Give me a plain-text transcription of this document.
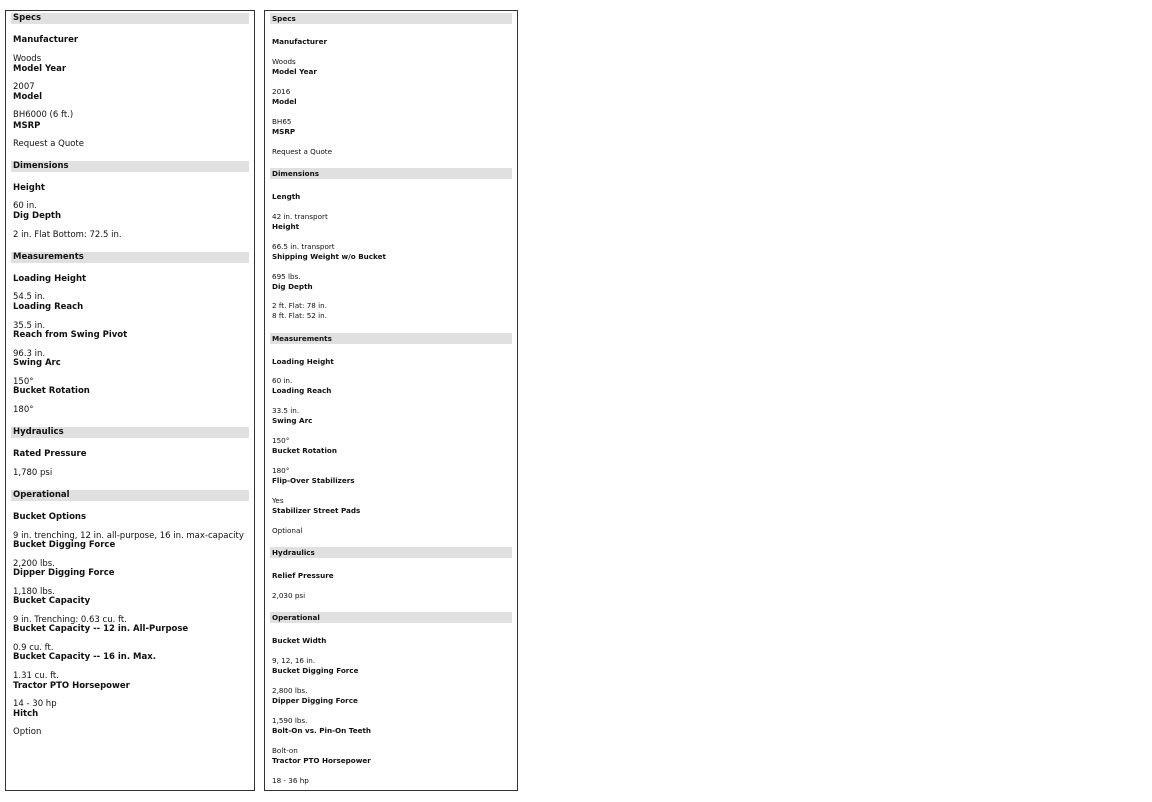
Specs
Manufacturer
Woods
Model Year
2007
Model
BH6000 (6 ft.)
MSRP
Request a Quote
Dimensions
Height
60 in.
Dig Depth
2 in. Flat Bottom: 72.5 in.
Measurements
Loading Height
54.5 in.
Loading Reach
35.5 in.
Reach from Swing Pivot
96.3 in.
Swing Arc
150°
Bucket Rotation
180°
Hydraulics
Rated Pressure
1,780 psi
Operational
Bucket Options
9 in. trenching, 12 in. all-purpose, 16 in. max-capacity
Bucket Digging Force
2,200 lbs.
Dipper Digging Force
1,180 lbs.
Bucket Capacity
9 in. Trenching: 0.63 cu. ft.
Bucket Capacity -- 12 in. All-Purpose
0.9 cu. ft.
Bucket Capacity -- 16 in. Max.
1.31 cu. ft.
Tractor PTO Horsepower
14 - 30 hp
Hitch
Option
Specs
Manufacturer
Woods
Model Year
2016
Model
BH65
MSRP
Request a Quote
Dimensions
Length
42 in. transport
Height
66.5 in. transport
Shipping Weight w/o Bucket
695 lbs.
Dig Depth
2 ft. Flat: 78 in.
8 ft. Flat: 52 in.
Measurements
Loading Height
60 in.
Loading Reach
33.5 in.
Swing Arc
150°
Bucket Rotation
180°
Flip-Over Stabilizers
Yes
Stabilizer Street Pads
Optional
Hydraulics
Relief Pressure
2,030 psi
Operational
Bucket Width
9, 12, 16 in.
Bucket Digging Force
2,800 lbs.
Dipper Digging Force
1,590 lbs.
Bolt-On vs. Pin-On Teeth
Bolt-on
Tractor PTO Horsepower
18 - 36 hp
